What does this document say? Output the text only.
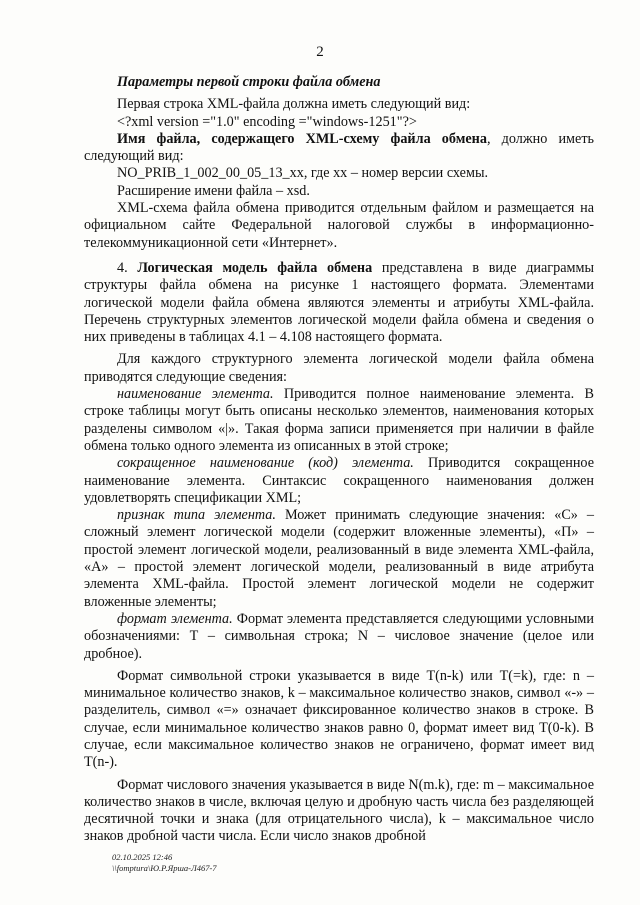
2

Параметры первой строки файла обмена

Первая строка XML-файла должна иметь следующий вид:

<?xml version ="1.0" encoding ="windows-1251"?>

Имя файла, содержащего XML-схему файла обмена, должно иметь следующий вид:

NO_PRIB_1_002_00_05_13_xx, где хх – номер версии схемы.

Расширение имени файла – xsd.

XML-схема файла обмена приводится отдельным файлом и размещается на официальном сайте Федеральной налоговой службы в информационно-телекоммуникационной сети «Интернет».

4. Логическая модель файла обмена представлена в виде диаграммы структуры файла обмена на рисунке 1 настоящего формата. Элементами логической модели файла обмена являются элементы и атрибуты XML-файла. Перечень структурных элементов логической модели файла обмена и сведения о них приведены в таблицах 4.1 – 4.108 настоящего формата.

Для каждого структурного элемента логической модели файла обмена приводятся следующие сведения:

наименование элемента. Приводится полное наименование элемента. В строке таблицы могут быть описаны несколько элементов, наименования которых разделены символом «|». Такая форма записи применяется при наличии в файле обмена только одного элемента из описанных в этой строке;

сокращенное наименование (код) элемента. Приводится сокращенное наименование элемента. Синтаксис сокращенного наименования должен удовлетворять спецификации XML;

признак типа элемента. Может принимать следующие значения: «С» – сложный элемент логической модели (содержит вложенные элементы), «П» – простой элемент логической модели, реализованный в виде элемента XML-файла, «А» – простой элемент логической модели, реализованный в виде атрибута элемента XML-файла. Простой элемент логической модели не содержит вложенные элементы;

формат элемента. Формат элемента представляется следующими условными обозначениями: Т – символьная строка; N – числовое значение (целое или дробное).

Формат символьной строки указывается в виде Т(n-k) или Т(=k), где: n – минимальное количество знаков, k – максимальное количество знаков, символ «-» – разделитель, символ «=» означает фиксированное количество знаков в строке. В случае, если минимальное количество знаков равно 0, формат имеет вид Т(0-k). В случае, если максимальное количество знаков не ограничено, формат имеет вид Т(n-).

Формат числового значения указывается в виде N(m.k), где: m – максимальное количество знаков в числе, включая целую и дробную часть числа без разделяющей десятичной точки и знака (для отрицательного числа), k – максимальное число знаков дробной части числа. Если число знаков дробной

02.10.2025 12:46
\\fomptura\Ю.Р.Ярша-Л467-7
